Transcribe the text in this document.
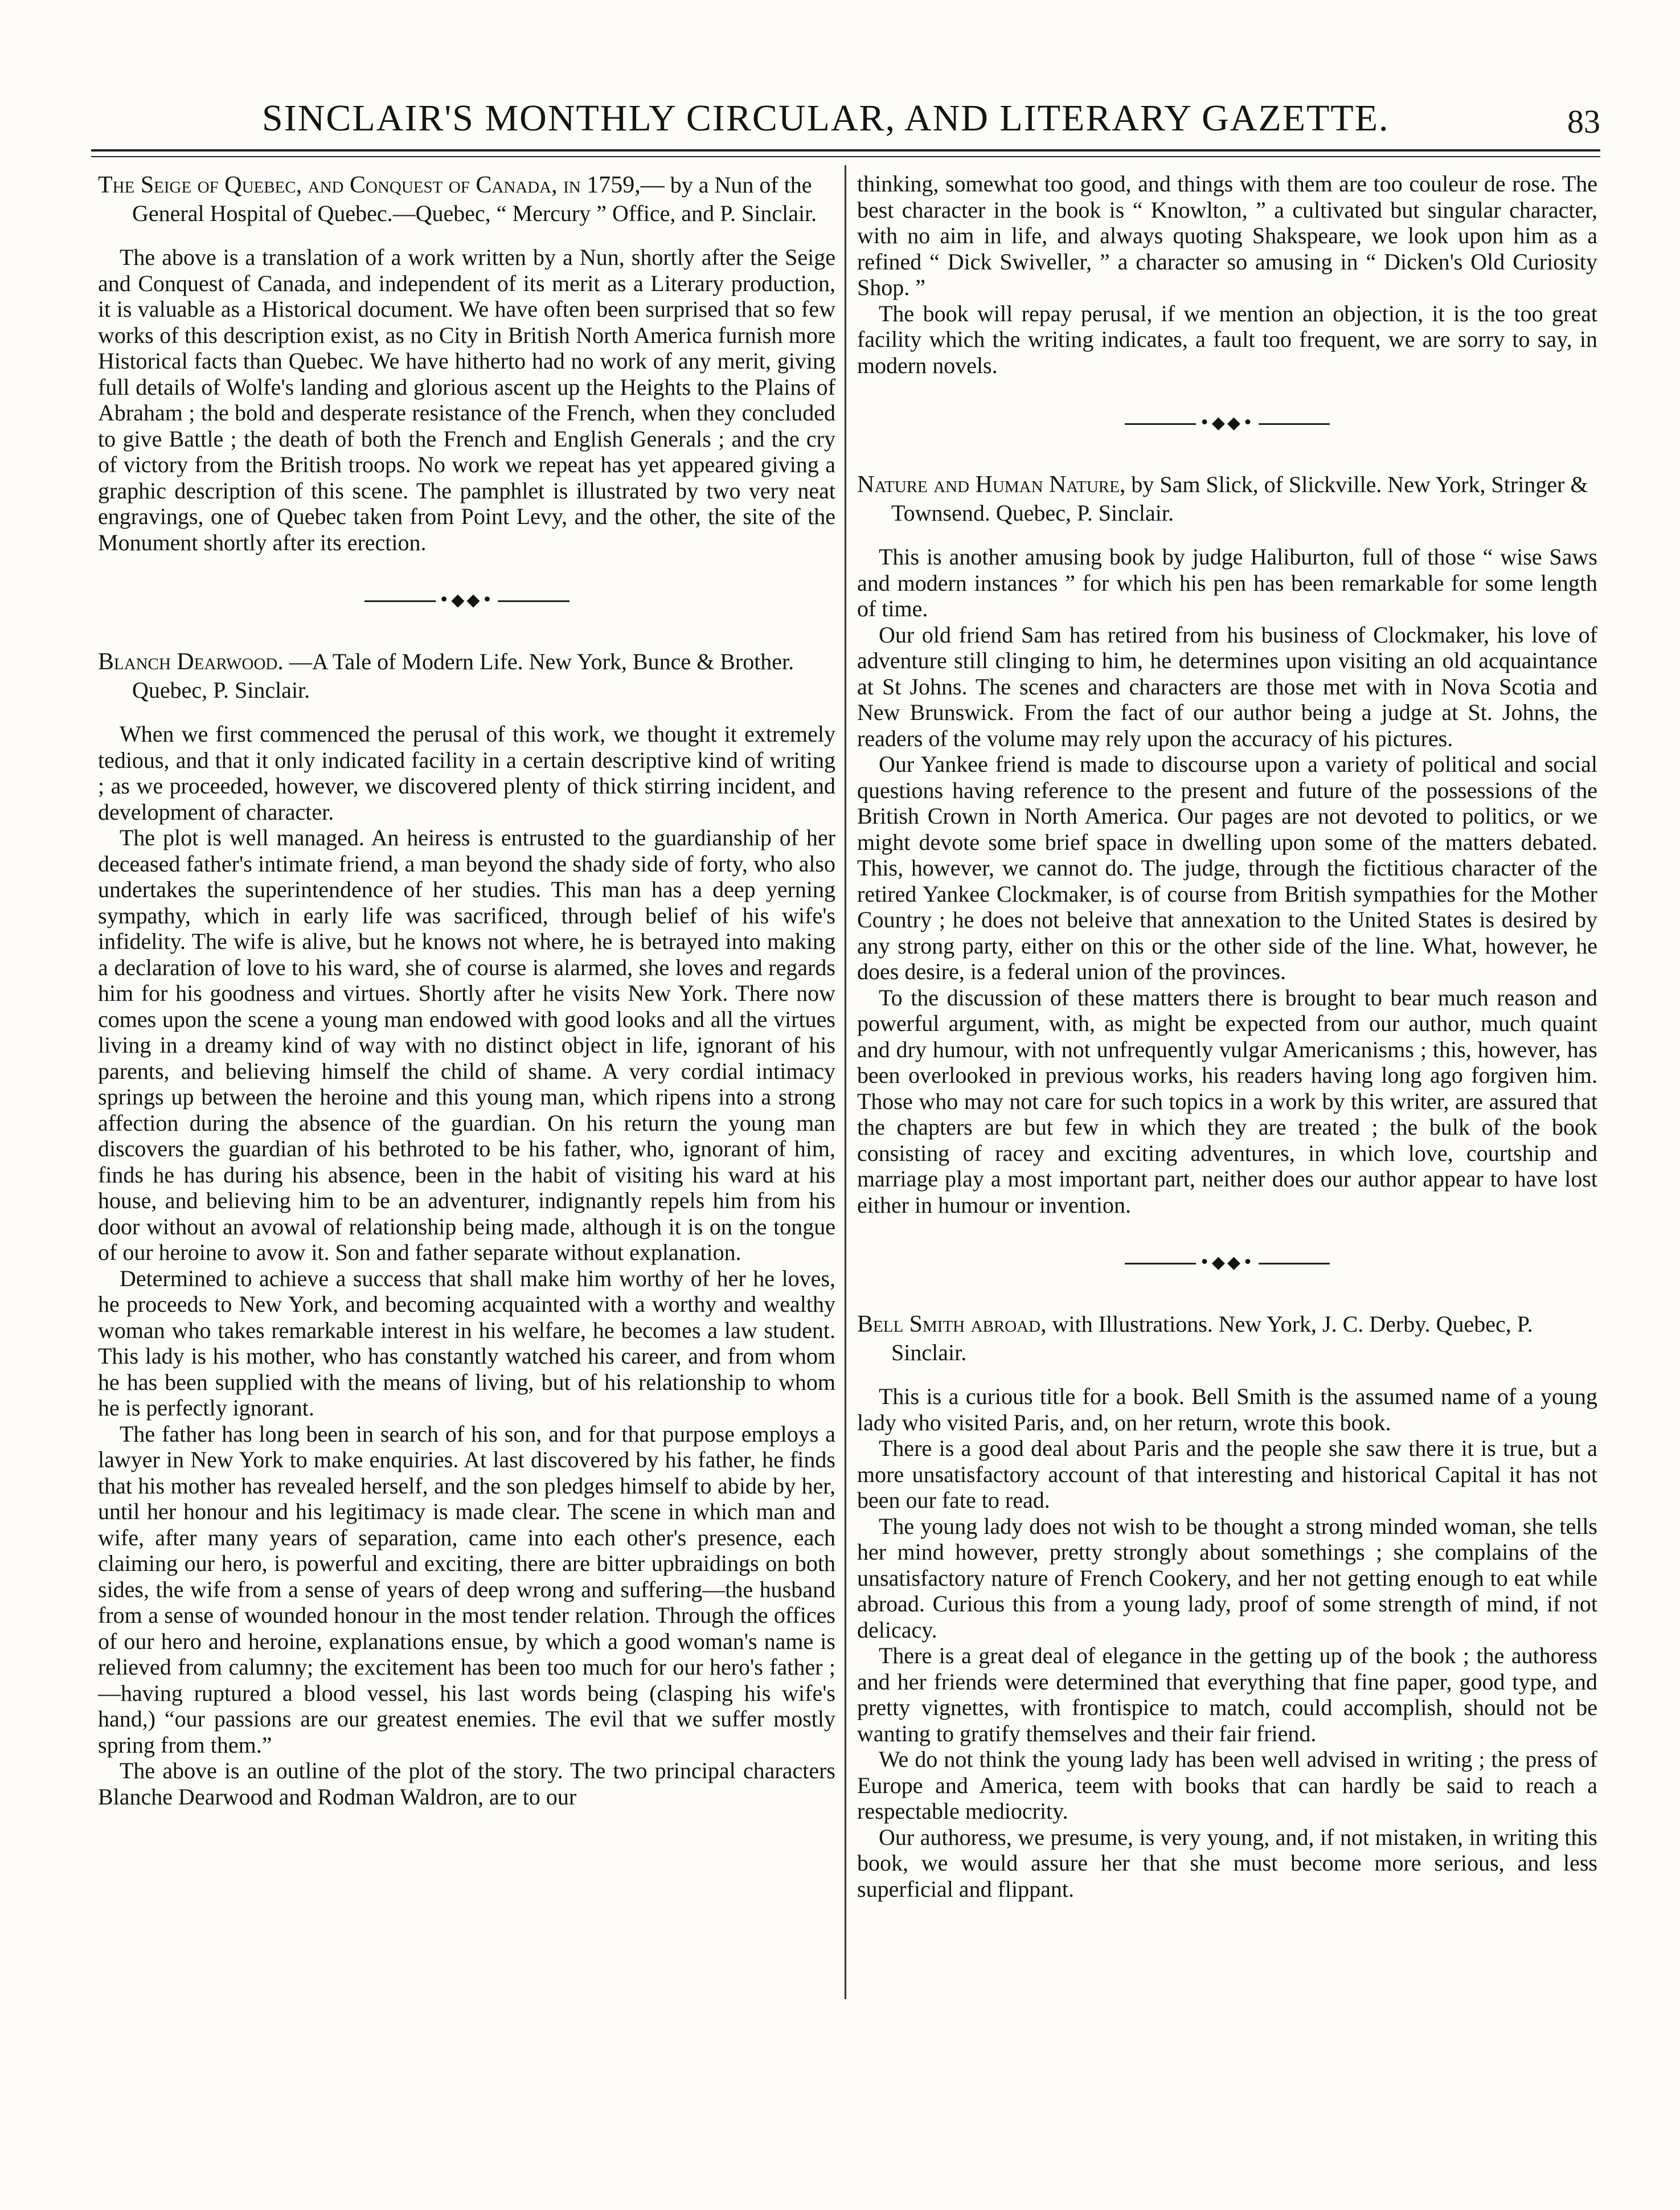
SINCLAIR'S MONTHLY CIRCULAR, AND LITERARY GAZETTE.	83
The Seige of Quebec, and Conquest of Canada, in 1759,— by a Nun of the General Hospital of Quebec.—Quebec, “ Mercury ” Office, and P. Sinclair.

The above is a translation of a work written by a Nun, shortly after the Seige and Conquest of Canada, and independent of its merit as a Literary production, it is valuable as a Historical document. We have often been surprised that so few works of this description exist, as no City in British North America furnish more Historical facts than Quebec. We have hitherto had no work of any merit, giving full details of Wolfe's landing and glorious ascent up the Heights to the Plains of Abraham ; the bold and desperate resistance of the French, when they concluded to give Battle ; the death of both the French and English Generals ; and the cry of victory from the British troops. No work we repeat has yet appeared giving a graphic description of this scene. The pamphlet is illustrated by two very neat engravings, one of Quebec taken from Point Levy, and the other, the site of the Monument shortly after its erection.

•◆◆•
Blanch Dearwood. —A Tale of Modern Life. New York, Bunce & Brother. Quebec, P. Sinclair.

When we first commenced the perusal of this work, we thought it extremely tedious, and that it only indicated facility in a certain descriptive kind of writing ; as we proceeded, however, we discovered plenty of thick stirring incident, and development of character.

The plot is well managed. An heiress is entrusted to the guardianship of her deceased father's intimate friend, a man beyond the shady side of forty, who also undertakes the superintendence of her studies. This man has a deep yerning sympathy, which in early life was sacrificed, through belief of his wife's infidelity. The wife is alive, but he knows not where, he is betrayed into making a declaration of love to his ward, she of course is alarmed, she loves and regards him for his goodness and virtues. Shortly after he visits New York. There now comes upon the scene a young man endowed with good looks and all the virtues living in a dreamy kind of way with no distinct object in life, ignorant of his parents, and believing himself the child of shame. A very cordial intimacy springs up between the heroine and this young man, which ripens into a strong affection during the absence of the guardian. On his return the young man discovers the guardian of his bethroted to be his father, who, ignorant of him, finds he has during his absence, been in the habit of visiting his ward at his house, and believing him to be an adventurer, indignantly repels him from his door without an avowal of relationship being made, although it is on the tongue of our heroine to avow it. Son and father separate without explanation.

Determined to achieve a success that shall make him worthy of her he loves, he proceeds to New York, and becoming acquainted with a worthy and wealthy woman who takes remarkable interest in his welfare, he becomes a law student. This lady is his mother, who has constantly watched his career, and from whom he has been supplied with the means of living, but of his relationship to whom he is perfectly ignorant.

The father has long been in search of his son, and for that purpose employs a lawyer in New York to make enquiries. At last discovered by his father, he finds that his mother has revealed herself, and the son pledges himself to abide by her, until her honour and his legitimacy is made clear. The scene in which man and wife, after many years of separation, came into each other's presence, each claiming our hero, is powerful and exciting, there are bitter upbraidings on both sides, the wife from a sense of years of deep wrong and suffering—the husband from a sense of wounded honour in the most tender relation. Through the offices of our hero and heroine, explanations ensue, by which a good woman's name is relieved from calumny; the excitement has been too much for our hero's father ;—having ruptured a blood vessel, his last words being (clasping his wife's hand,) “our passions are our greatest enemies. The evil that we suffer mostly spring from them.”

The above is an outline of the plot of the story. The two principal characters Blanche Dearwood and Rodman Waldron, are to our

thinking, somewhat too good, and things with them are too couleur de rose. The best character in the book is “ Knowlton, ” a cultivated but singular character, with no aim in life, and always quoting Shakspeare, we look upon him as a refined “ Dick Swiveller, ” a character so amusing in “ Dicken's Old Curiosity Shop. ”

The book will repay perusal, if we mention an objection, it is the too great facility which the writing indicates, a fault too frequent, we are sorry to say, in modern novels.

•◆◆•
Nature and Human Nature, by Sam Slick, of Slickville. New York, Stringer & Townsend. Quebec, P. Sinclair.

This is another amusing book by judge Haliburton, full of those “ wise Saws and modern instances ” for which his pen has been remarkable for some length of time.

Our old friend Sam has retired from his business of Clockmaker, his love of adventure still clinging to him, he determines upon visiting an old acquaintance at St Johns. The scenes and characters are those met with in Nova Scotia and New Brunswick. From the fact of our author being a judge at St. Johns, the readers of the volume may rely upon the accuracy of his pictures.

Our Yankee friend is made to discourse upon a variety of political and social questions having reference to the present and future of the possessions of the British Crown in North America. Our pages are not devoted to politics, or we might devote some brief space in dwelling upon some of the matters debated. This, however, we cannot do. The judge, through the fictitious character of the retired Yankee Clockmaker, is of course from British sympathies for the Mother Country ; he does not beleive that annexation to the United States is desired by any strong party, either on this or the other side of the line. What, however, he does desire, is a federal union of the provinces.

To the discussion of these matters there is brought to bear much reason and powerful argument, with, as might be expected from our author, much quaint and dry humour, with not unfrequently vulgar Americanisms ; this, however, has been overlooked in previous works, his readers having long ago forgiven him. Those who may not care for such topics in a work by this writer, are assured that the chapters are but few in which they are treated ; the bulk of the book consisting of racey and exciting adventures, in which love, courtship and marriage play a most important part, neither does our author appear to have lost either in humour or invention.

•◆◆•
Bell Smith abroad, with Illustrations. New York, J. C. Derby. Quebec, P. Sinclair.

This is a curious title for a book. Bell Smith is the assumed name of a young lady who visited Paris, and, on her return, wrote this book.

There is a good deal about Paris and the people she saw there it is true, but a more unsatisfactory account of that interesting and historical Capital it has not been our fate to read.

The young lady does not wish to be thought a strong minded woman, she tells her mind however, pretty strongly about somethings ; she complains of the unsatisfactory nature of French Cookery, and her not getting enough to eat while abroad. Curious this from a young lady, proof of some strength of mind, if not delicacy.

There is a great deal of elegance in the getting up of the book ; the authoress and her friends were determined that everything that fine paper, good type, and pretty vignettes, with frontispice to match, could accomplish, should not be wanting to gratify themselves and their fair friend.

We do not think the young lady has been well advised in writing ; the press of Europe and America, teem with books that can hardly be said to reach a respectable mediocrity.

Our authoress, we presume, is very young, and, if not mistaken, in writing this book, we would assure her that she must become more serious, and less superficial and flippant.
